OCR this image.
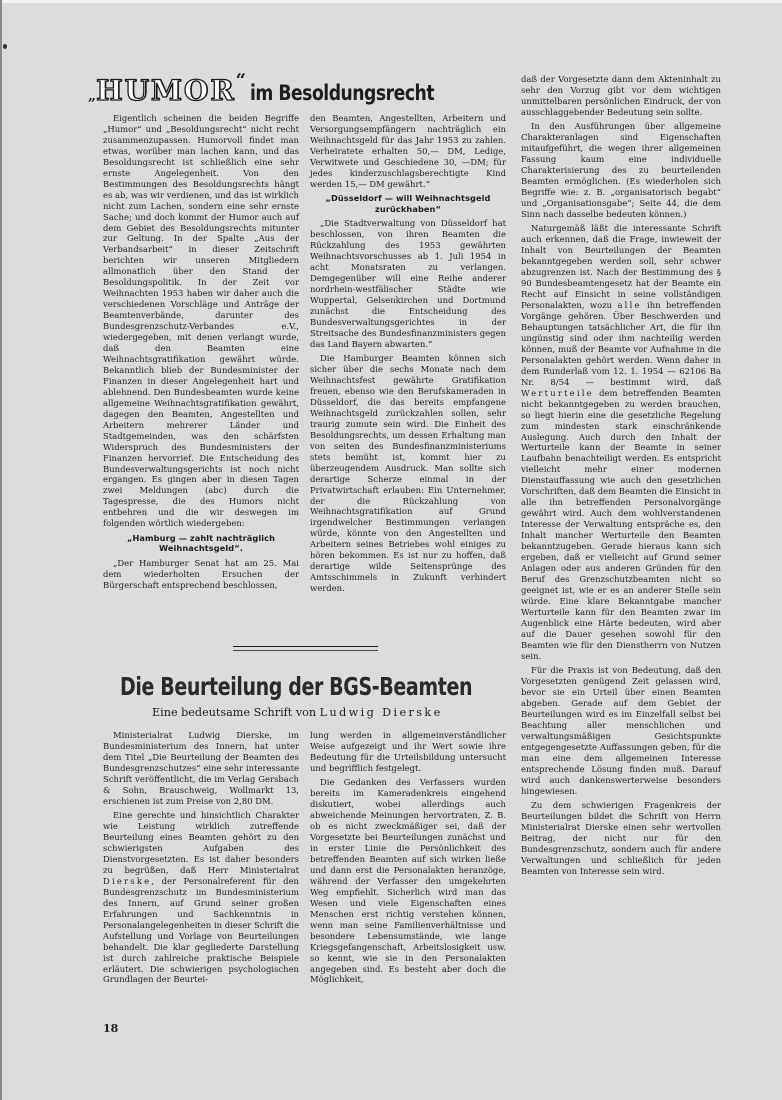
„HUMOR“im Besoldungsrecht

Eigentlich scheinen die beiden Begriffe „Humor“ und „Besoldungsrecht“ nicht recht zusammenzupassen. Humorvoll findet man etwas, worüber man lachen kann, und das Besoldungsrecht ist schließlich eine sehr ernste Angelegenheit. Von den Bestimmungen des Besoldungsrechts hängt es ab, was wir verdienen, und das ist wirklich nicht zum Lachen, sondern eine sehr ernste Sache; und doch kommt der Humor auch auf dem Gebiet des Besoldungsrechts mitunter zur Geltung. In der Spalte „Aus der Verbandsarbeit“ in dieser Zeitschrift berichten wir unseren Mitgliedern allmonatlich über den Stand der Besoldungspolitik. In der Zeit vor Weihnachten 1953 haben wir daher auch die verschiedenen Vorschläge und Anträge der Beamtenverbände, darunter des Bundesgrenzschutz-Verbandes e.V., wiedergegeben, mit denen verlangt wurde, daß den Beamten eine Weihnachtsgratifikation gewährt würde. Bekanntlich blieb der Bundesminister der Finanzen in dieser Angelegenheit hart und ablehnend. Den Bundesbeamten wurde keine allgemeine Weihnachtsgratifikation gewährt, dagegen den Beamten, Angestellten und Arbeitern mehrerer Länder und Stadtgemeinden, was den schärfsten Widerspruch des Bundesministers der Finanzen hervorrief. Die Entscheidung des Bundesverwaltungsgerichts ist noch nicht ergangen. Es gingen aber in diesen Tagen zwei Meldungen (abc) durch die Tagespresse, die des Humors nicht entbehren und die wir deswegen im folgenden wörtlich wiedergeben:

„Hamburg — zahlt nachträglich Weihnachtsgeld“.

„Der Hamburger Senat hat am 25. Mai dem wiederholten Ersuchen der Bürgerschaft entsprechend beschlossen,

den Beamten, Angestellten, Arbeitern und Versorgungsempfängern nachträglich ein Weihnachtsgeld für das Jahr 1953 zu zahlen. Verheiratete erhalten 50,— DM, Ledige, Verwitwete und Geschiedene 30, —DM; für jedes kinderzuschlagsberechtigte Kind werden 15,— DM gewährt.“

„Düsseldorf — will Weihnachtsgeld zurückhaben“

„Die Stadtverwaltung von Düsseldorf hat beschlossen, von ihren Beamten die Rückzahlung des 1953 gewährten Weihnachtsvorschusses ab 1. Juli 1954 in acht Monatsraten zu verlangen. Demgegenüber will eine Reihe anderer nordrhein-westfälischer Städte wie Wuppertal, Gelsenkirchen und Dortmund zunächst die Entscheidung des Bundesverwaltungsgerichtes in der Streitsache des Bundesfinanzministers gegen das Land Bayern abwarten.“

Die Hamburger Beamten können sich sicher über die sechs Monate nach dem Weihnachtsfest gewährte Gratifikation freuen, ebenso wie den Berufskameraden in Düsseldorf, die das bereits empfangene Weihnachtsgeld zurückzahlen sollen, sehr traurig zumute sein wird. Die Einheit des Besoldungsrechts, um dessen Erhaltung man von seiten des Bundesfinanzministeriums stets bemüht ist, kommt hier zu überzeugendem Ausdruck. Man sollte sich derartige Scherze einmal in der Privatwirtschaft erlauben: Ein Unternehmer, der die Rückzahlung von Weihnachtsgratifikation auf Grund irgendwelcher Bestimmungen verlangen würde, könnte von den Angestellten und Arbeitern seines Betriebes wohl einiges zu hören bekommen. Es ist nur zu hoffen, daß derartige wilde Seitensprünge des Amtsschimmels in Zukunft verhindert werden.

Die Beurteilung der BGS-Beamten
Eine bedeutsame Schrift von Ludwig Dierske

Ministerialrat Ludwig Dierske, im Bundesministerium des Innern, hat unter dem Titel „Die Beurteilung der Beamten des Bundesgrenzschutzes“ eine sehr interessante Schrift veröffentlicht, die im Verlag Gersbach & Sohn, Brauschweig, Wollmarkt 13, erschienen ist zum Preise von 2,80 DM.

Eine gerechte und hinsichtlich Charakter wie Leistung wirklich zutreffende Beurteilung eines Beamten gehört zu den schwierigsten Aufgaben des Dienstvorgesetzten. Es ist daher besonders zu begrüßen, daß Herr Ministerialrat Dierske, der Personalreferent für den Bundesgrenzschutz im Bundesministerium des Innern, auf Grund seiner großen Erfahrungen und Sachkenntnis in Personalangelegenheiten in dieser Schrift die Aufstellung und Vorlage von Beurteilungen behandelt. Die klar gegliederte Darstellung ist durch zahlreiche praktische Beispiele erläutert. Die schwierigen psychologischen Grundlagen der Beurtei-

lung werden in allgemeinverständlicher Weise aufgezeigt und ihr Wert sowie ihre Bedeutung für die Urteilsbildung untersucht und begrifflich festgelegt.

Die Gedanken des Verfassers wurden bereits im Kameradenkreis eingehend diskutiert, wobei allerdings auch abweichende Meinungen hervortraten, Z. B. ob es nicht zweckmäßiger sei, daß der Vorgesetzte bei Beurteilungen zunächst und in erster Linie die Persönlichkeit des betreffenden Beamten auf sich wirken ließe und dann erst die Personalakten heranzöge, während der Verfasser den umgekehrten Weg empfiehlt. Sicherlich wird man das Wesen und viele Eigenschaften eines Menschen erst richtig verstehen können, wenn man seine Familienverhältnisse und besondere Lebensumstände, wie lange Kriegsgefangenschaft, Arbeitslosigkeit usw. so kennt, wie sie in den Personalakten angegeben sind. Es besteht aber doch die Möglichkeit,

daß der Vorgesetzte dann dem Akteninhalt zu sehr den Vorzug gibt vor dem wichtigen unmittelbaren persönlichen Eindruck, der von ausschlaggebender Bedeutung sein sollte.

In den Ausführungen über allgemeine Charakteranlagen sind Eigenschaften mitaufgeführt, die wegen ihrer allgemeinen Fassung kaum eine individuelle Charakterisierung des zu beurteilenden Beamten ermöglichen. (Es wiederholen sich Begriffe wie: z. B. „organisatorisch begabt“ und „Organisationsgabe“; Seite 44, die dem Sinn nach dasselbe bedeuten können.)

Naturgemäß läßt die interessante Schrift auch erkennen, daß die Frage, inwieweit der Inhalt von Beurteilungen der Beamten bekanntgegeben werden soll, sehr schwer abzugrenzen ist. Nach der Bestimmung des § 90 Bundesbeamtengesetz hat der Beamte ein Recht auf Einsicht in seine vollständigen Personalakten, wozu alle ihn betreffenden Vorgänge gehören. Über Beschwerden und Behauptungen tatsächlicher Art, die für ihn ungünstig sind oder ihm nachteilig werden können, muß der Beamte vor Aufnahme in die Personalakten gehört werden. Wenn daher in dem Runderlaß vom 12. 1. 1954 — 62106 Ba Nr. 8/54 — bestimmt wird, daß Werturteile dem betreffenden Beamten nicht bekanntgegeben zu werden brauchen, so liegt hierin eine die gesetzliche Regelung zum mindesten stark einschränkende Auslegung. Auch durch den Inhalt der Werturteile kann der Beamte in seiner Laufbahn benachteiligt werden. Es entspricht vielleicht mehr einer modernen Dienstauffassung wie auch den gesetzlichen Vorschriften, daß dem Beamten die Einsicht in alle ihn betreffenden Personalvorgänge gewährt wird. Auch dem wohlverstandenen Interesse der Verwaltung entspräche es, den Inhalt mancher Werturteile den Beamten bekanntzugeben. Gerade hieraus kann sich ergeben, daß er vielleicht auf Grund seiner Anlagen oder aus anderen Gründen für den Beruf des Grenzschutzbeamten nicht so geeignet ist, wie er es an anderer Stelle sein würde. Eine klare Bekanntgabe mancher Werturteile kann für den Beamten zwar im Augenblick eine Härte bedeuten, wird aber auf die Dauer gesehen sowohl für den Beamten wie für den Dienstherrn von Nutzen sein.

Für die Praxis ist von Bedeutung, daß den Vorgesetzten genügend Zeit gelassen wird, bevor sie ein Urteil über einen Beamten abgeben. Gerade auf dem Gebiet der Beurteilungen wird es im Einzelfall selbst bei Beachtung aller menschlichen und verwaltungsmäßigen Gesichtspunkte entgegengesetzte Auffassungen geben, für die man eine dem allgemeinen Interesse entsprechende Lösung finden muß. Darauf wird auch dankenswerterweise besonders hingewiesen.

Zu dem schwierigen Fragenkreis der Beurteilungen bildet die Schrift von Herrn Ministerialrat Dierske einen sehr wertvollen Beitrag, der nicht nur für den Bundesgrenzschutz, sondern auch für andere Verwaltungen und schließlich für jeden Beamten von Interesse sein wird.

18
